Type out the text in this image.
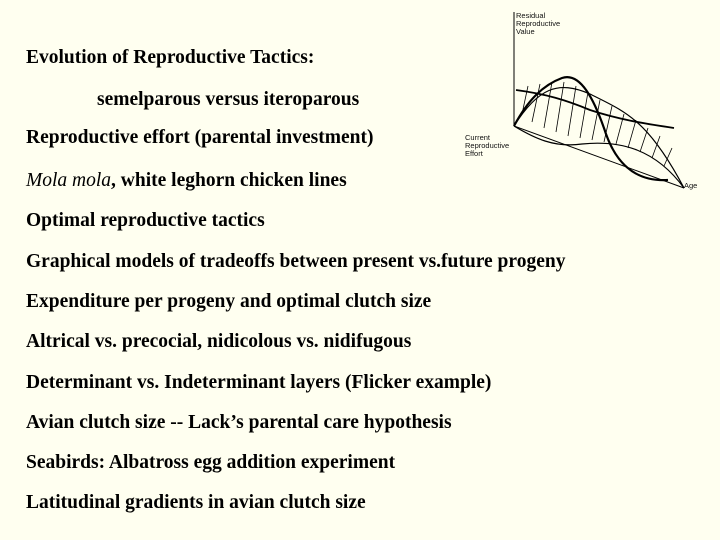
Evolution of Reproductive Tactics:
semelparous versus iteroparous
Reproductive effort (parental investment)
Mola mola, white leghorn chicken lines
Optimal reproductive tactics
Graphical models of tradeoffs between present vs.future progeny
Expenditure per progeny and optimal clutch size
Altrical vs. precocial, nidicolous vs. nidifugous
Determinant vs. Indeterminant layers (Flicker example)
Avian clutch size -- Lack’s parental care hypothesis
Seabirds: Albatross egg addition experiment
Latitudinal gradients in avian clutch size
Residual
Reproductive
Value
Current
Reproductive
Effort
Age
